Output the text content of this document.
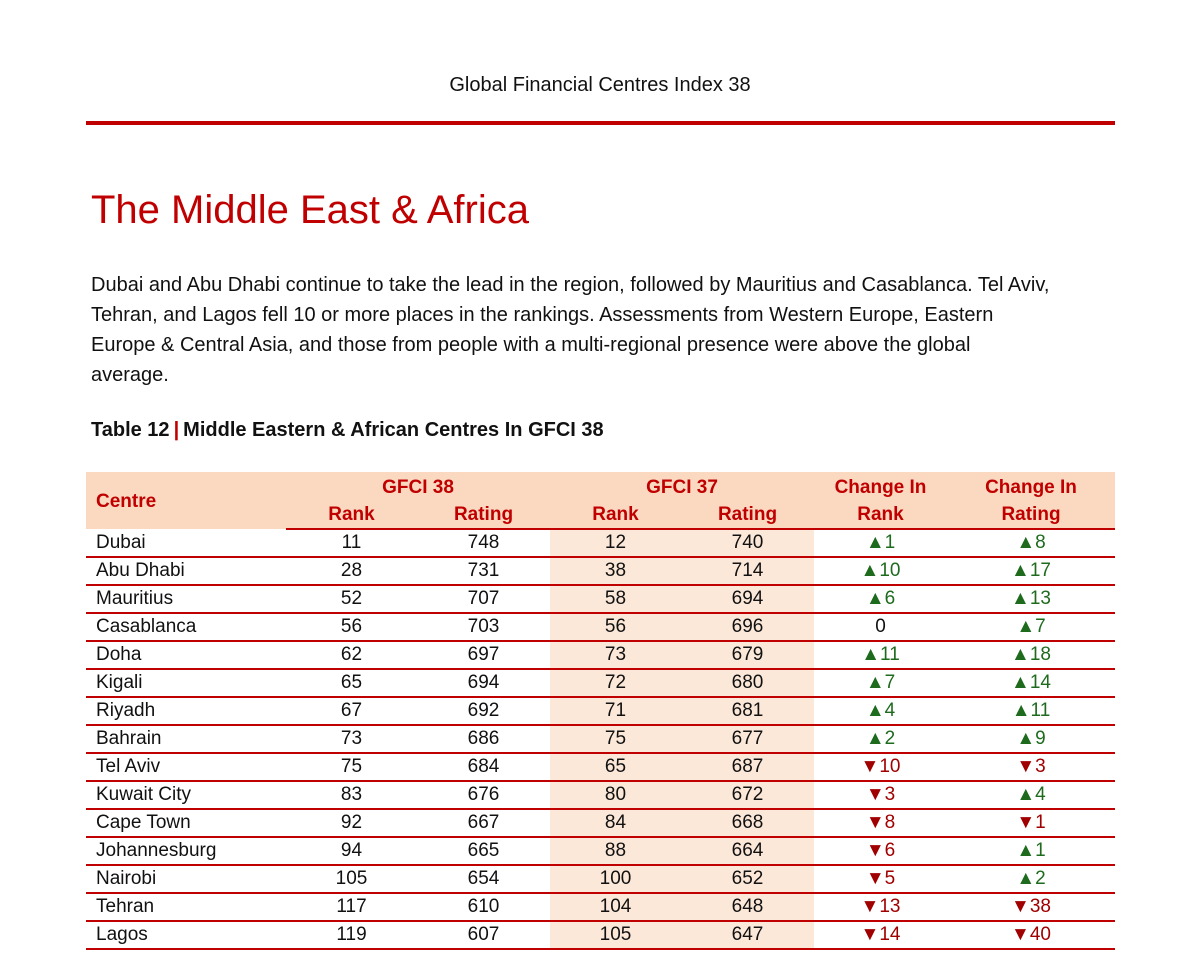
Global Financial Centres Index 38
The Middle East & Africa

Dubai and Abu Dhabi continue to take the lead in the region, followed by Mauritius and Casablanca. Tel Aviv, Tehran, and Lagos fell 10 or more places in the rankings. Assessments from Western Europe, Eastern Europe & Central Asia, and those from people with a multi-regional presence were above the global average.

Table 12 | Middle Eastern & African Centres In GFCI 38
Centre	GFCI 38		GFCI 37		Change In	Change In
	Rank	Rating	Rank	Rating	Rank	Rating
Dubai	11	748	12	740	▲1	▲8
Abu Dhabi	28	731	38	714	▲10	▲17
Mauritius	52	707	58	694	▲6	▲13
Casablanca	56	703	56	696	0	▲7
Doha	62	697	73	679	▲11	▲18
Kigali	65	694	72	680	▲7	▲14
Riyadh	67	692	71	681	▲4	▲11
Bahrain	73	686	75	677	▲2	▲9
Tel Aviv	75	684	65	687	▼10	▼3
Kuwait City	83	676	80	672	▼3	▲4
Cape Town	92	667	84	668	▼8	▼1
Johannesburg	94	665	88	664	▼6	▲1
Nairobi	105	654	100	652	▼5	▲2
Tehran	117	610	104	648	▼13	▼38
Lagos	119	607	105	647	▼14	▼40
